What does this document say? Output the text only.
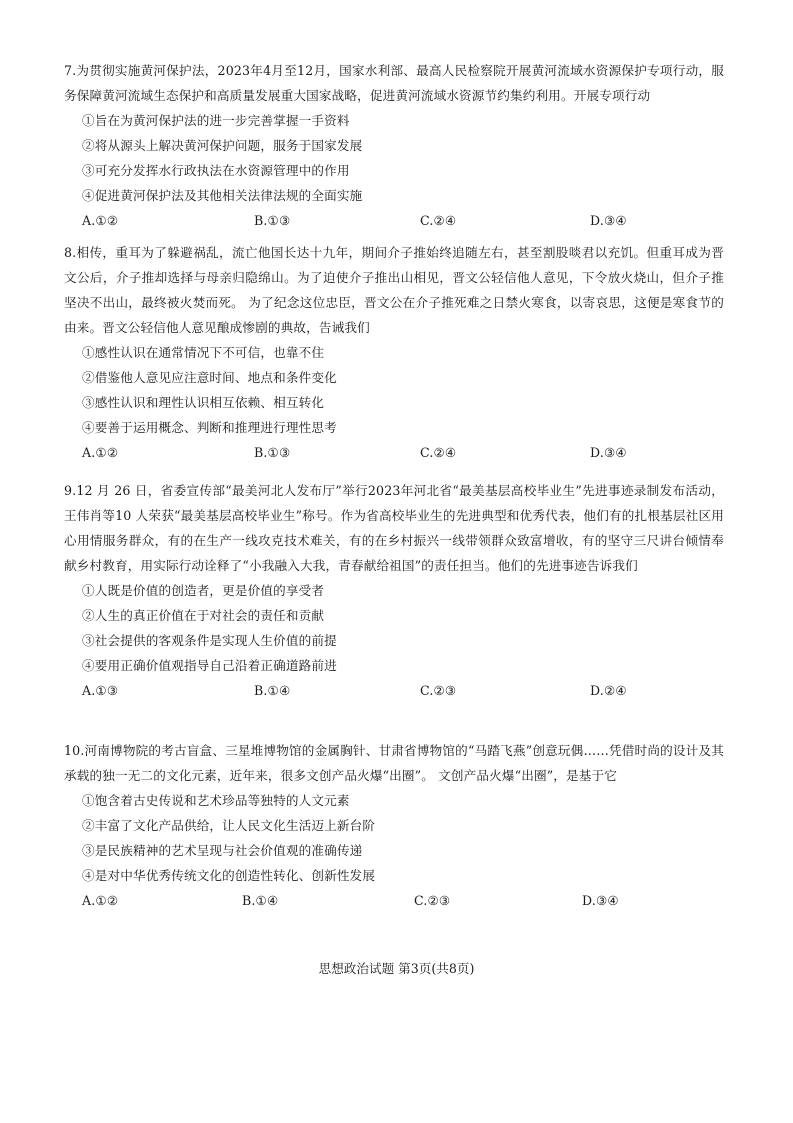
7.为贯彻实施黄河保护法，2023年4月至12月，国家水利部、最高人民检察院开展黄河流域水资源保护专项行动，服务保障黄河流域生态保护和高质量发展重大国家战略，促进黄河流域水资源节约集约利用。开展专项行动

①旨在为黄河保护法的进一步完善掌握一手资料

②将从源头上解决黄河保护问题，服务于国家发展

③可充分发挥水行政执法在水资源管理中的作用

④促进黄河保护法及其他相关法律法规的全面实施

A.①②	B.①③	C.②④	D.③④

8.相传，重耳为了躲避祸乱，流亡他国长达十九年，期间介子推始终追随左右，甚至割股啖君以充饥。但重耳成为晋文公后，介子推却选择与母亲归隐绵山。为了迫使介子推出山相见，晋文公轻信他人意见，下令放火烧山，但介子推坚决不出山，最终被火焚而死。 为了纪念这位忠臣，晋文公在介子推死难之日禁火寒食，以寄哀思，这便是寒食节的由来。晋文公轻信他人意见酿成惨剧的典故，告诫我们

①感性认识在通常情况下不可信，也靠不住

②借鉴他人意见应注意时间、地点和条件变化

③感性认识和理性认识相互依赖、相互转化

④要善于运用概念、判断和推理进行理性思考

A.①②	B.①③	C.②④	D.③④

9.12 月 26 日，省委宣传部“最美河北人发布厅”举行2023年河北省“最美基层高校毕业生”先进事迹录制发布活动，王伟肖等10 人荣获“最美基层高校毕业生”称号。作为省高校毕业生的先进典型和优秀代表，他们有的扎根基层社区用心用情服务群众，有的在生产一线攻克技术难关，有的在乡村振兴一线带领群众致富增收，有的坚守三尺讲台倾情奉献乡村教育，用实际行动诠释了“小我融入大我，青春献给祖国”的责任担当。他们的先进事迹告诉我们

①人既是价值的创造者，更是价值的享受者

②人生的真正价值在于对社会的责任和贡献

③社会提供的客观条件是实现人生价值的前提

④要用正确价值观指导自己沿着正确道路前进

A.①③	B.①④	C.②③	D.②④

10.河南博物院的考古盲盒、三星堆博物馆的金属胸针、甘肃省博物馆的“马踏飞燕”创意玩偶……凭借时尚的设计及其承载的独一无二的文化元素，近年来，很多文创产品火爆“出圈”。 文创产品火爆“出圈”，是基于它

①饱含着古史传说和艺术珍品等独特的人文元素

②丰富了文化产品供给，让人民文化生活迈上新台阶

③是民族精神的艺术呈现与社会价值观的准确传递

④是对中华优秀传统文化的创造性转化、创新性发展

A.①②	B.①④	C.②③	D.③④
思想政治试题 第3页(共8页)
